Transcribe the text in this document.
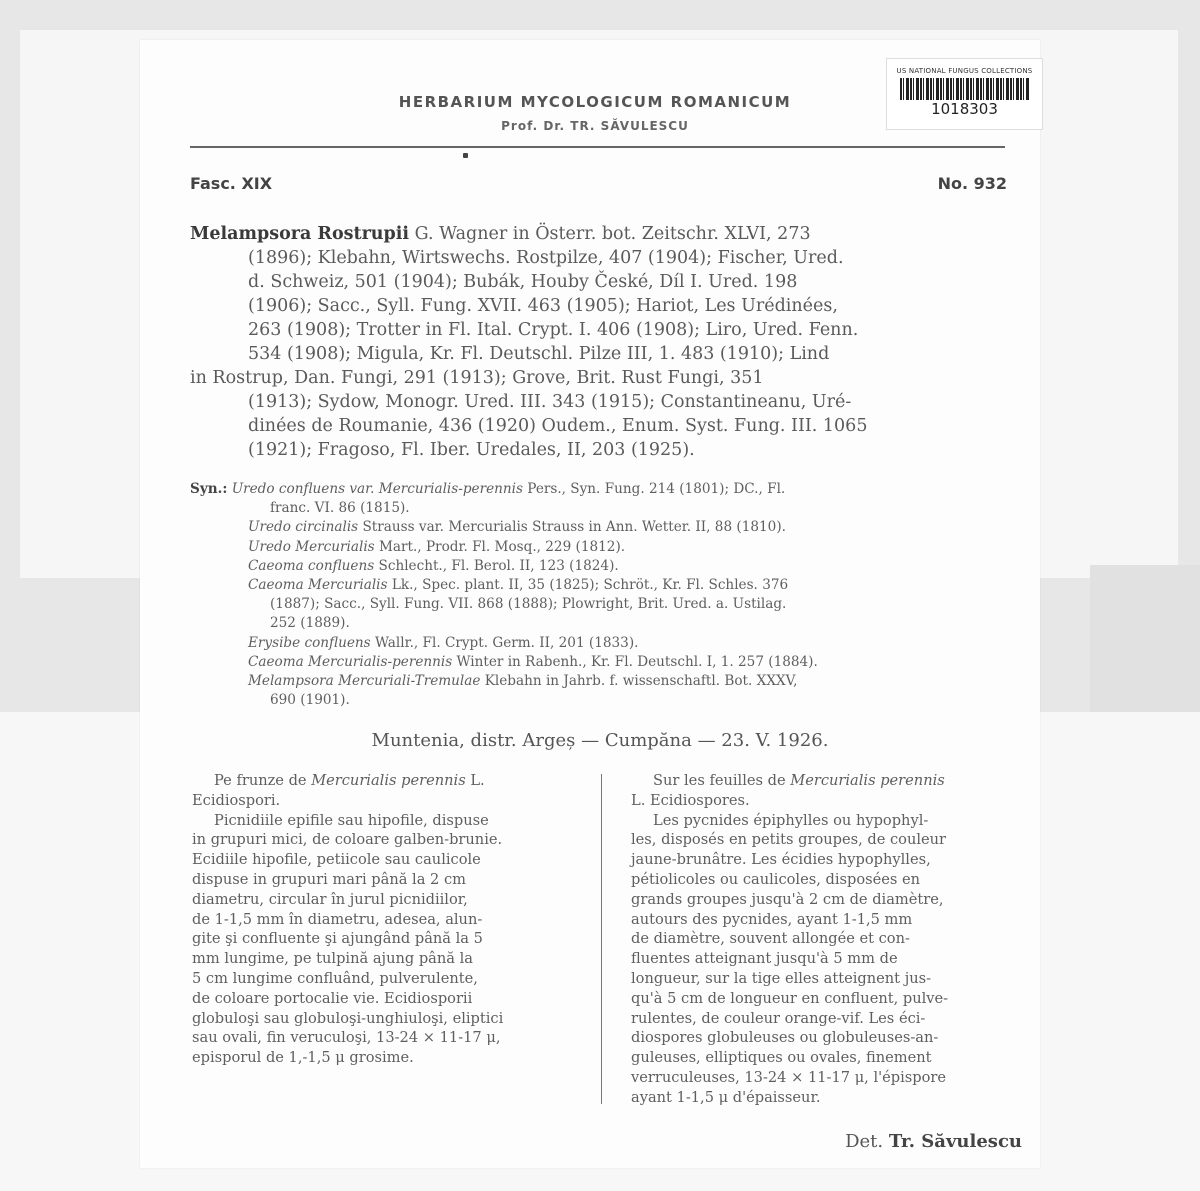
US NATIONAL FUNGUS COLLECTIONS
1018303
HERBARIUM MYCOLOGICUM ROMANICUM
Prof. Dr. TR. SĂVULESCU
Fasc. XIX	No. 932
Melampsora Rostrupii G. Wagner in Österr. bot. Zeitschr. XLVI, 273
(1896); Klebahn, Wirtswechs. Rostpilze, 407 (1904); Fischer, Ured.
d. Schweiz, 501 (1904); Bubák, Houby České, Díl I. Ured. 198
(1906); Sacc., Syll. Fung. XVII. 463 (1905); Hariot, Les Urédinées,
263 (1908); Trotter in Fl. Ital. Crypt. I. 406 (1908); Liro, Ured. Fenn.
534 (1908); Migula, Kr. Fl. Deutschl. Pilze III, 1. 483 (1910); Lind
in Rostrup, Dan. Fungi, 291 (1913); Grove, Brit. Rust Fungi, 351
(1913); Sydow, Monogr. Ured. III. 343 (1915); Constantineanu, Uré-
dinées de Roumanie, 436 (1920) Oudem., Enum. Syst. Fung. III. 1065
(1921); Fragoso, Fl. Iber. Uredales, II, 203 (1925).
Syn.: Uredo confluens var. Mercurialis-perennis Pers., Syn. Fung. 214 (1801); DC., Fl.
franc. VI. 86 (1815).
Uredo circinalis Strauss var. Mercurialis Strauss in Ann. Wetter. II, 88 (1810).
Uredo Mercurialis Mart., Prodr. Fl. Mosq., 229 (1812).
Caeoma confluens Schlecht., Fl. Berol. II, 123 (1824).
Caeoma Mercurialis Lk., Spec. plant. II, 35 (1825); Schröt., Kr. Fl. Schles. 376
(1887); Sacc., Syll. Fung. VII. 868 (1888); Plowright, Brit. Ured. a. Ustilag.
252 (1889).
Erysibe confluens Wallr., Fl. Crypt. Germ. II, 201 (1833).
Caeoma Mercurialis-perennis Winter in Rabenh., Kr. Fl. Deutschl. I, 1. 257 (1884).
Melampsora Mercuriali-Tremulae Klebahn in Jahrb. f. wissenschaftl. Bot. XXXV,
690 (1901).
Muntenia, distr. Argeș — Cumpăna — 23. V. 1926.
Pe frunze de Mercurialis perennis L.
Ecidiospori.
Picnidiile epifile sau hipofile, dispuse
in grupuri mici, de coloare galben-brunie.
Ecidiile hipofile, petiicole sau caulicole
dispuse in grupuri mari până la 2 cm
diametru, circular în jurul picnidiilor,
de 1-1,5 mm în diametru, adesea, alun-
gite şi confluente şi ajungând până la 5
mm lungime, pe tulpină ajung până la
5 cm lungime confluând, pulverulente,
de coloare portocalie vie. Ecidiosporii
globuloşi sau globuloşi-unghiuloşi, eliptici
sau ovali, fin veruculoşi, 13-24 × 11-17 μ,
episporul de 1,-1,5 μ grosime.
Sur les feuilles de Mercurialis perennis
L. Ecidiospores.
Les pycnides épiphylles ou hypophyl-
les, disposés en petits groupes, de couleur
jaune-brunâtre. Les écidies hypophylles,
pétiolicoles ou caulicoles, disposées en
grands groupes jusqu'à 2 cm de diamètre,
autours des pycnides, ayant 1-1,5 mm
de diamètre, souvent allongée et con-
fluentes atteignant jusqu'à 5 mm de
longueur, sur la tige elles atteignent jus-
qu'à 5 cm de longueur en confluent, pulve-
rulentes, de couleur orange-vif. Les éci-
diospores globuleuses ou globuleuses-an-
guleuses, elliptiques ou ovales, finement
verruculeuses, 13-24 × 11-17 μ, l'épispore
ayant 1-1,5 μ d'épaisseur.
Det. Tr. Săvulescu
